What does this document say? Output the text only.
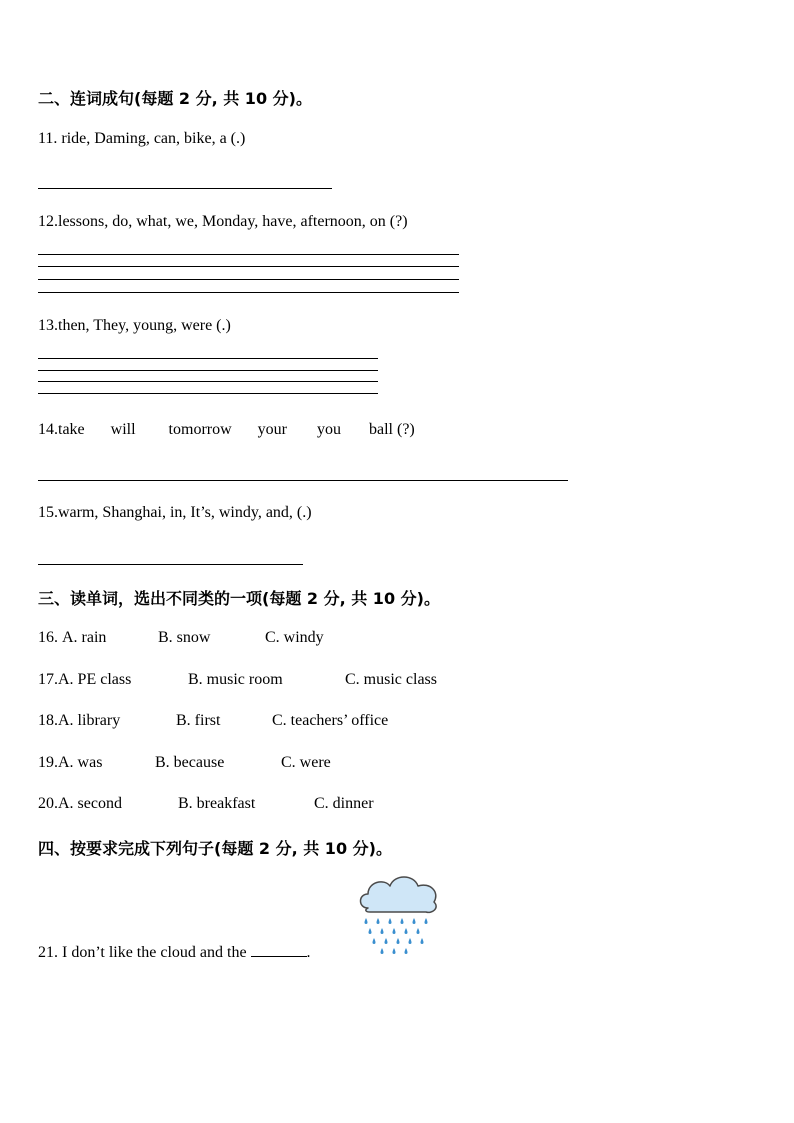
二、连词成句(每题 2 分, 共 10 分)。
11. ride, Daming, can, bike, a (.)
12.lessons, do, what, we, Monday, have, afternoon, on (?)
13.then, They, young, were (.)
14.take will tomorrow your you ball (?)
15.warm, Shanghai, in, It’s, windy, and, (.)
三、读单词，选出不同类的一项(每题 2 分, 共 10 分)。
16. A. rain	B. snow	C. windy
17.A. PE class	B. music room	C. music class
18.A. library	B. first	C. teachers’ office
19.A. was	B. because	C. were
20.A. second	B. breakfast	C. dinner
四、按要求完成下列句子(每题 2 分, 共 10 分)。
21. I don’t like the cloud and the	.
